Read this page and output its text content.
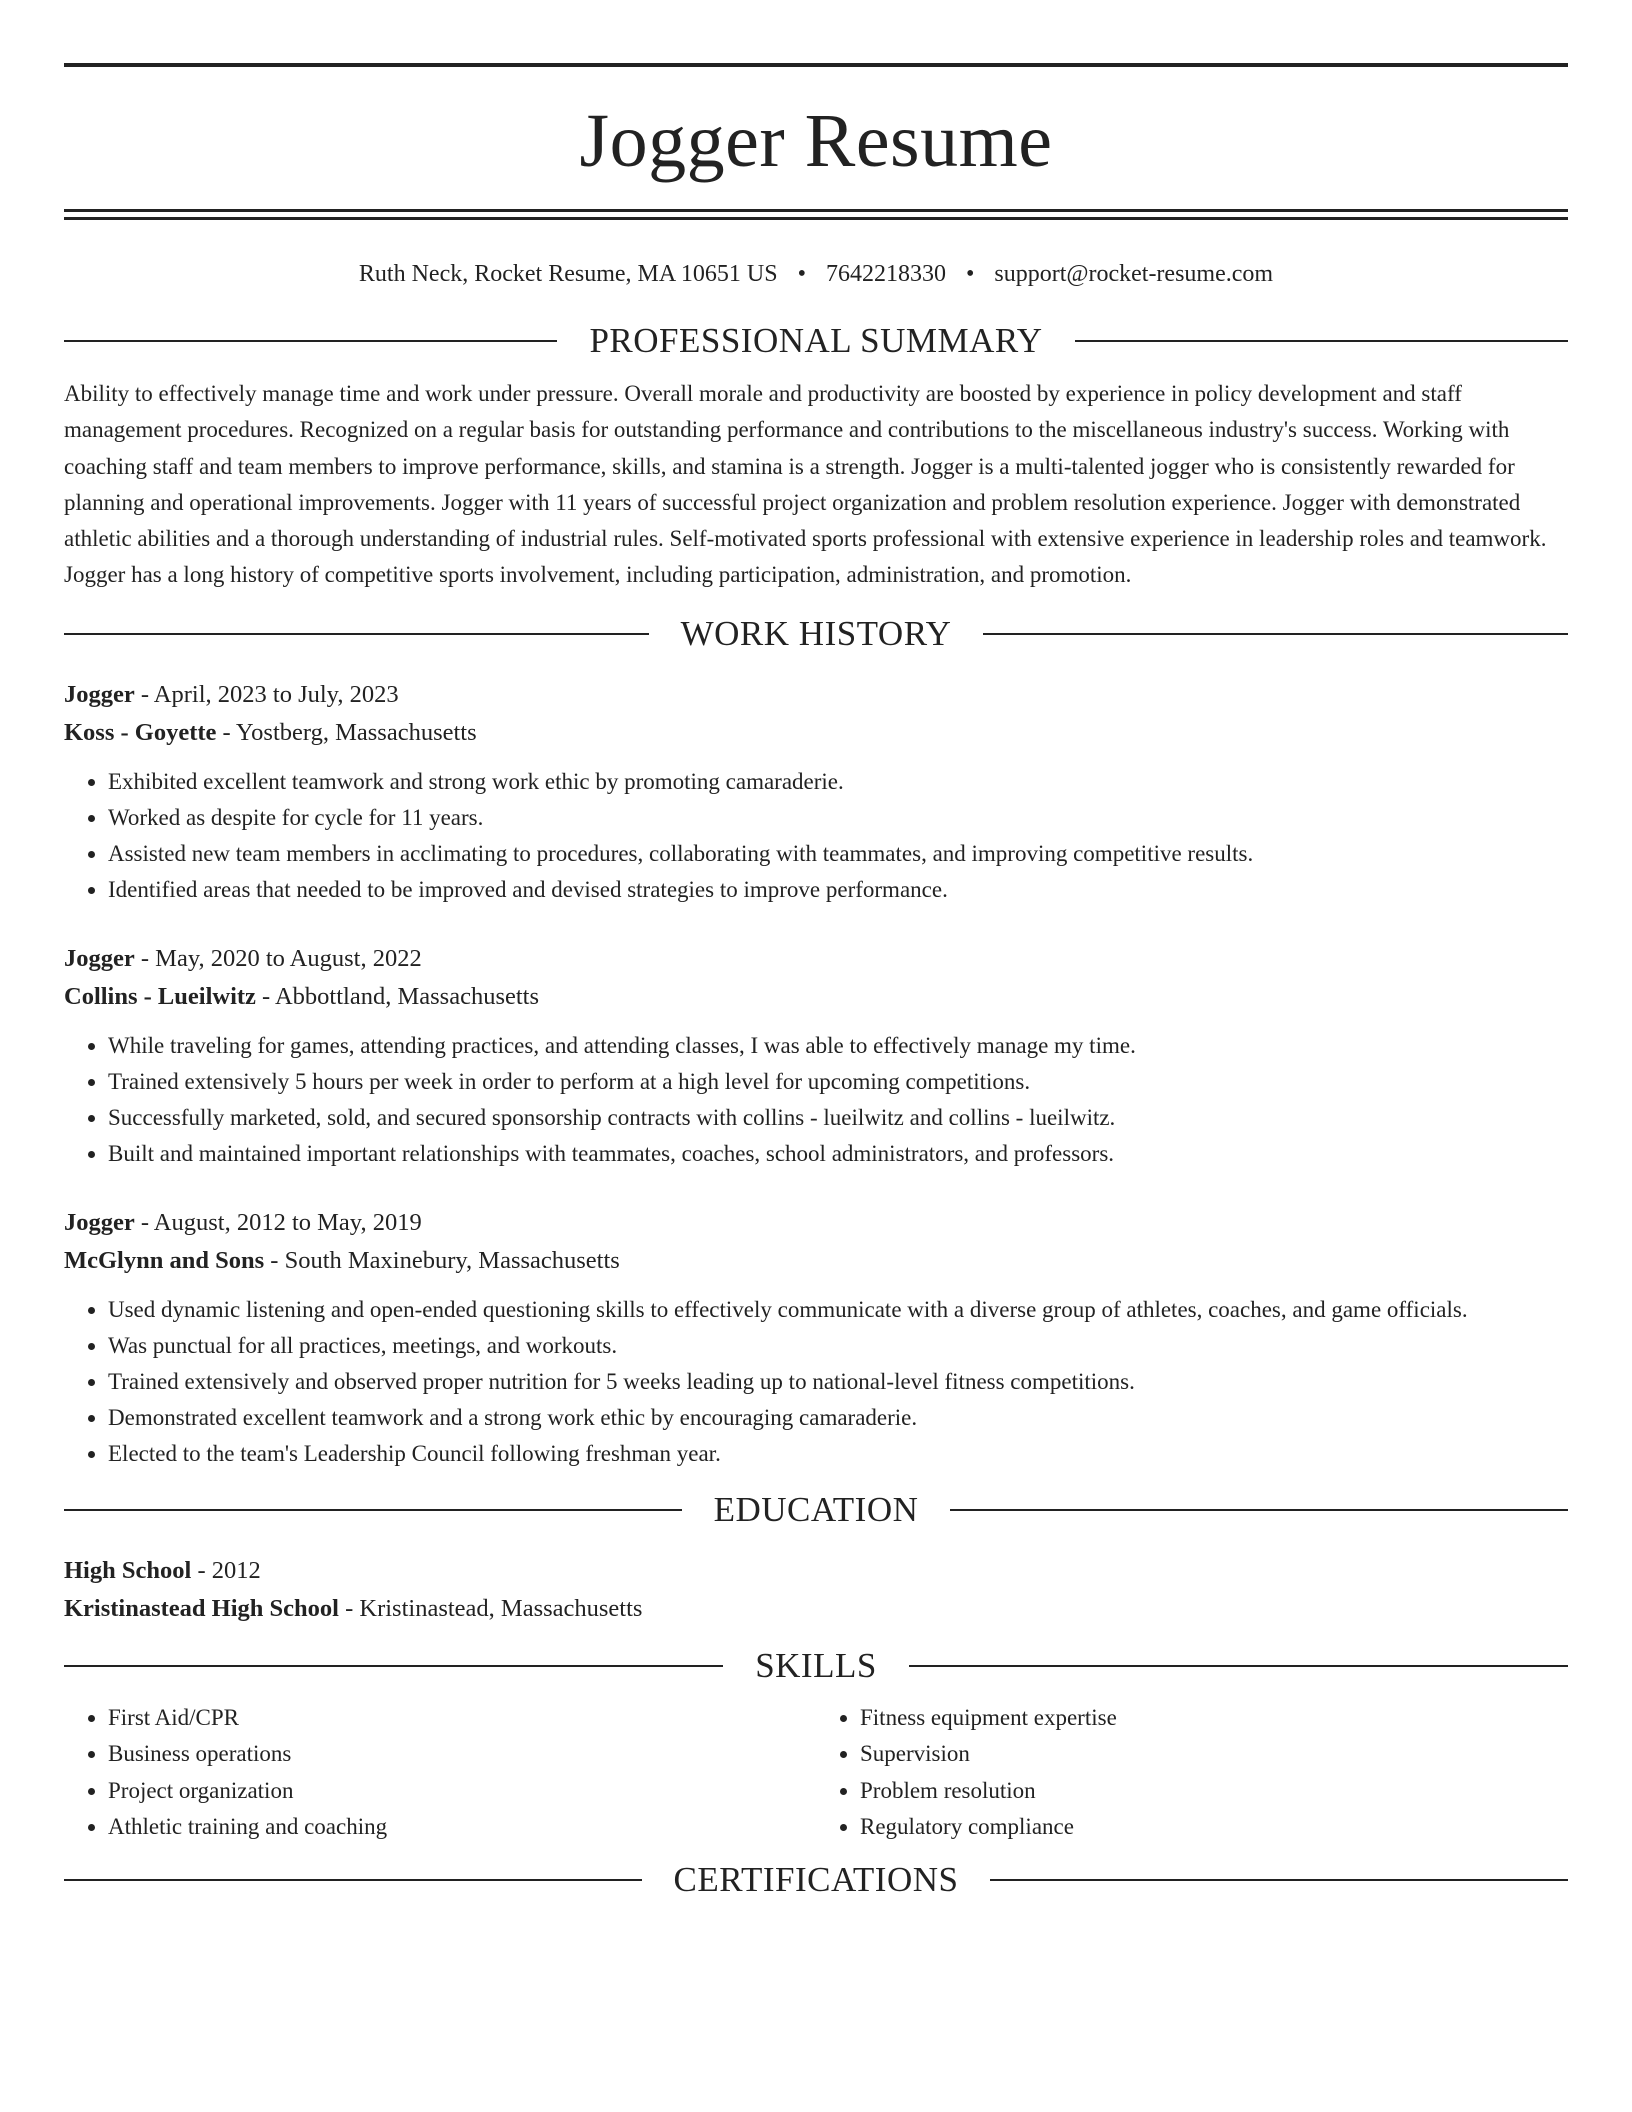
Jogger Resume
Ruth Neck, Rocket Resume, MA 10651 US • 7642218330 • support@rocket-resume.com
PROFESSIONAL SUMMARY

Ability to effectively manage time and work under pressure. Overall morale and productivity are boosted by experience in policy development and staff management procedures. Recognized on a regular basis for outstanding performance and contributions to the miscellaneous industry's success. Working with coaching staff and team members to improve performance, skills, and stamina is a strength. Jogger is a multi-talented jogger who is consistently rewarded for planning and operational improvements. Jogger with 11 years of successful project organization and problem resolution experience. Jogger with demonstrated athletic abilities and a thorough understanding of industrial rules. Self-motivated sports professional with extensive experience in leadership roles and teamwork. Jogger has a long history of competitive sports involvement, including participation, administration, and promotion.

WORK HISTORY
Jogger - April, 2023 to July, 2023
Koss - Goyette - Yostberg, Massachusetts
• Exhibited excellent teamwork and strong work ethic by promoting camaraderie.
• Worked as despite for cycle for 11 years.
• Assisted new team members in acclimating to procedures, collaborating with teammates, and improving competitive results.
• Identified areas that needed to be improved and devised strategies to improve performance.
Jogger - May, 2020 to August, 2022
Collins - Lueilwitz - Abbottland, Massachusetts
• While traveling for games, attending practices, and attending classes, I was able to effectively manage my time.
• Trained extensively 5 hours per week in order to perform at a high level for upcoming competitions.
• Successfully marketed, sold, and secured sponsorship contracts with collins - lueilwitz and collins - lueilwitz.
• Built and maintained important relationships with teammates, coaches, school administrators, and professors.
Jogger - August, 2012 to May, 2019
McGlynn and Sons - South Maxinebury, Massachusetts
• Used dynamic listening and open-ended questioning skills to effectively communicate with a diverse group of athletes, coaches, and game officials.
• Was punctual for all practices, meetings, and workouts.
• Trained extensively and observed proper nutrition for 5 weeks leading up to national-level fitness competitions.
• Demonstrated excellent teamwork and a strong work ethic by encouraging camaraderie.
• Elected to the team's Leadership Council following freshman year.
EDUCATION
High School - 2012
Kristinastead High School - Kristinastead, Massachusetts
SKILLS
• First Aid/CPR
• Business operations
• Project organization
• Athletic training and coaching
• Fitness equipment expertise
• Supervision
• Problem resolution
• Regulatory compliance
CERTIFICATIONS
